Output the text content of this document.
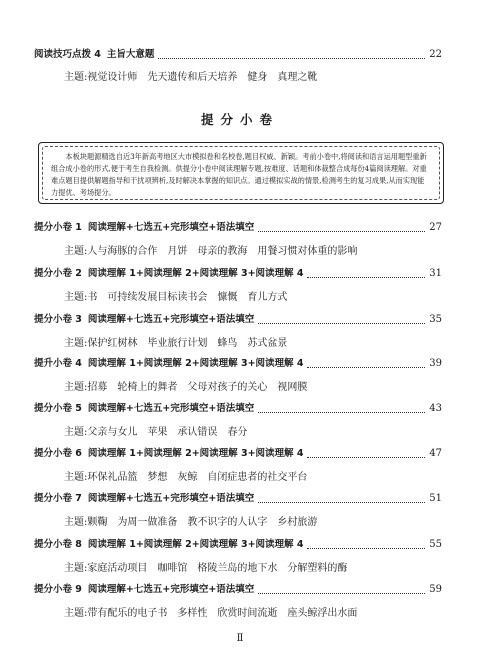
阅读技巧点拨 4 主旨大意题	22
主题:视觉设计师　先天遗传和后天培养　健身　真理之靴
提分小卷
本板块题源精选自近3年新高考地区大市模拟卷和名校卷,题目权威、新颖。考前小卷中,将阅读和语言运用题型重新组合成小卷的形式,便于考生自我检测。供提分小卷中阅读理解专题,按难度、话题和体裁整合成每份4篇阅读理解。对重难点题目提供解题指导和干扰项辨析,及时解决本掌握的知识点。通过模拟实战的情景,检测考生的复习成果,从而实现能力提优、考场提分。
提分小卷 1 阅读理解+七选五+完形填空+语法填空	27
主题:人与海豚的合作　月饼　母亲的教海　用餐习惯对体重的影响
提分小卷 2 阅读理解 1+阅读理解 2+阅读理解 3+阅读理解 4	31
主题:书　可持续发展目标读书会　慷慨　育儿方式
提分小卷 3 阅读理解+七选五+完形填空+语法填空	35
主题:保护红树林　毕业旅行计划　蜂鸟　苏式盆景
提升小卷 4 阅读理解 1+阅读理解 2+阅读理解 3+阅读理解 4	39
主题:招募　轮椅上的舞者　父母对孩子的关心　视网膜
提分小卷 5 阅读理解+七选五+完形填空+语法填空	43
主题:父亲与女儿　苹果　承认错误　春分
提分小卷 6 阅读理解 1+阅读理解 2+阅读理解 3+阅读理解 4	47
主题:环保礼品篮　梦想　灰鲸　自闭症患者的社交平台
提分小卷 7 阅读理解+七选五+完形填空+语法填空	51
主题:颗鞠　为周一做准备　教不识字的人认字　乡村旅游
提分小卷 8 阅读理解 1+阅读理解 2+阅读理解 3+阅读理解 4	55
主题:家庭活动项目　咖啡馆　格陵兰岛的地下水　分解塑料的酶
提分小卷 9 阅读理解+七选五+完形填空+语法填空	59
主题:带有配乐的电子书　多样性　欣赏时间流逝　座头鲸浮出水面
Ⅱ
